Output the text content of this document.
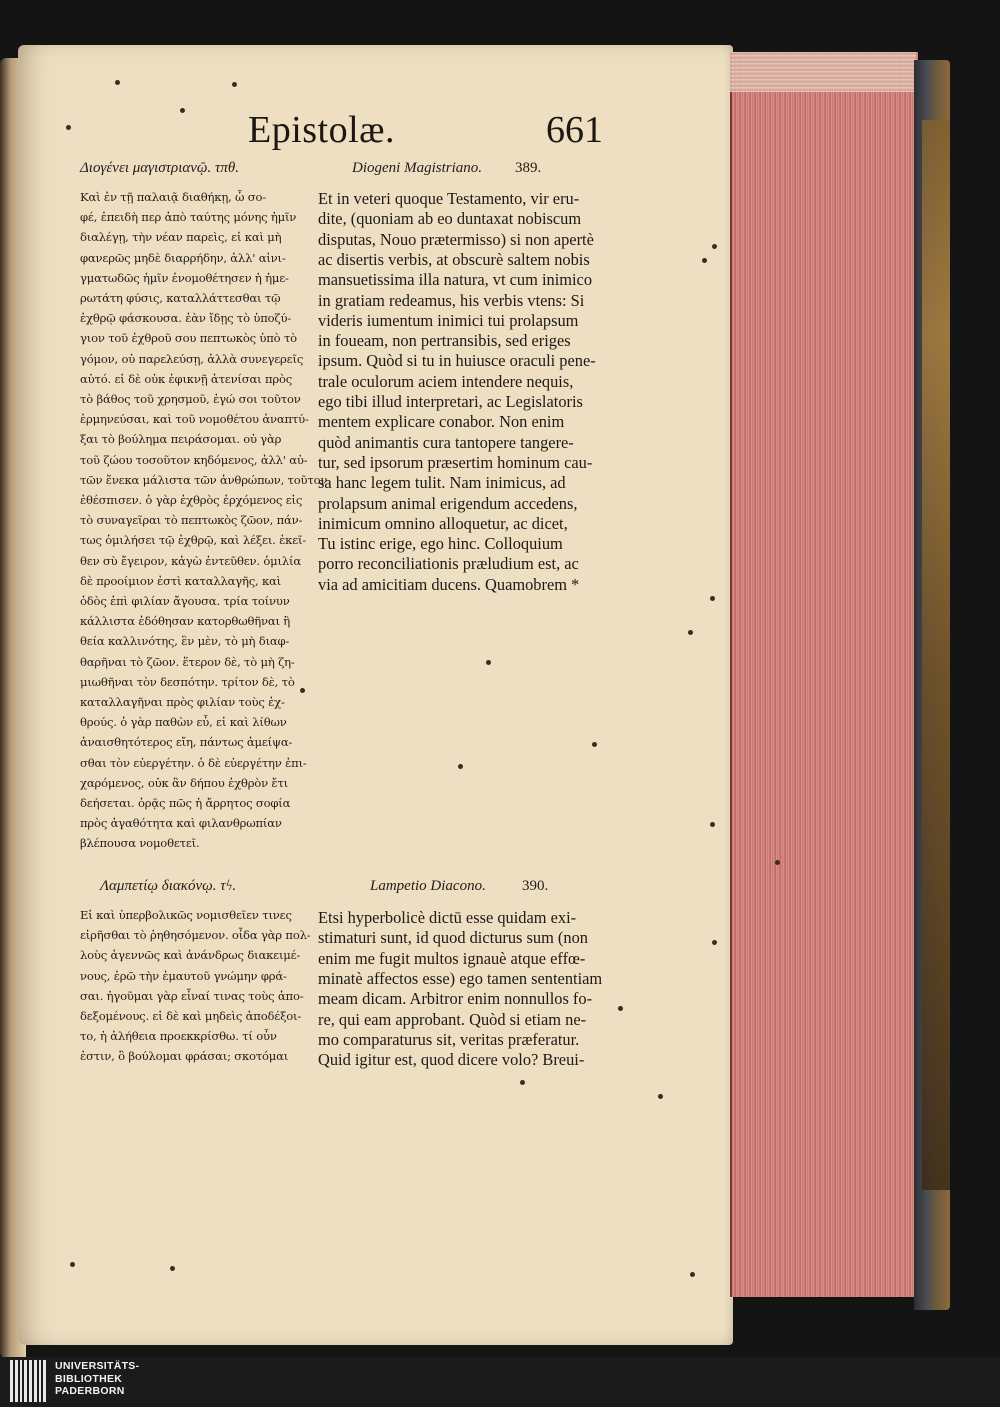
Epistolæ.	661
Διογένει μαγιστριανῷ. τπθ.	Diogeni Magistriano. 389.
Καὶ ἐν τῇ παλαιᾷ διαθήκῃ, ὦ σο-
φέ, ἐπειδὴ περ ἀπὸ ταύτης μόνης ἡμῖν
διαλέγῃ, τὴν νέαν παρεὶς, εἰ καὶ μὴ
φανερῶς μηδὲ διαρρήδην, ἀλλ' αἰνι-
γματωδῶς ἡμῖν ἐνομοθέτησεν ἡ ἡμε-
ρωτάτη φύσις, καταλλάττεσθαι τῷ
ἐχθρῷ φάσκουσα. ἐὰν ἴδῃς τὸ ὑποζύ-
γιον τοῦ ἐχθροῦ σου πεπτωκὸς ὑπὸ τὸ
γόμον, οὐ παρελεύσῃ, ἀλλὰ συνεγερεῖς
αὐτό. εἰ δὲ οὐκ ἐφικνῇ ἀτενίσαι πρὸς
τὸ βάθος τοῦ χρησμοῦ, ἐγώ σοι τοῦτον
ἑρμηνεύσαι, καὶ τοῦ νομοθέτου ἀναπτύ-
ξαι τὸ βούλημα πειράσομαι. οὐ γὰρ
τοῦ ζώου τοσοῦτον κηδόμενος, ἀλλ' αὐ-
τῶν ἕνεκα μάλιστα τῶν ἀνθρώπων, τοῦτον
ἐθέσπισεν. ὁ γὰρ ἐχθρὸς ἐρχόμενος εἰς
τὸ συναγεῖραι τὸ πεπτωκὸς ζῶον, πάν-
τως ὁμιλήσει τῷ ἐχθρῷ, καὶ λέξει. ἐκεῖ-
θεν σὺ ἔγειρον, κἀγὼ ἐντεῦθεν. ὁμιλία
δὲ προοίμιον ἐστὶ καταλλαγῆς, καὶ
ὁδὸς ἐπὶ φιλίαν ἄγουσα. τρία τοίνυν
κάλλιστα ἐδόθησαν κατορθωθῆναι ἢ
θεία καλλινότης, ἓν μὲν, τὸ μὴ διαφ-
θαρῆναι τὸ ζῶον. ἕτερον δὲ, τὸ μὴ ζη-
μιωθῆναι τὸν δεσπότην. τρίτον δὲ, τὸ
καταλλαγῆναι πρὸς φιλίαν τοὺς ἐχ-
θρούς. ὁ γὰρ παθὼν εὖ, εἰ καὶ λίθων
ἀναισθητότερος εἴη, πάντως ἀμείψα-
σθαι τὸν εὐεργέτην. ὁ δὲ εὐεργέτην ἐπι-
χαρόμενος, οὐκ ἂν δήπου ἐχθρὸν ἔτι
δεήσεται. ὁρᾷς πῶς ἡ ἄρρητος σοφία
πρὸς ἀγαθότητα καὶ φιλανθρωπίαν
βλέπουσα νομοθετεῖ.
Et in veteri quoque Testamento, vir eru-
dite, (quoniam ab eo duntaxat nobiscum
disputas, Nouo prætermisso) si non apertè
ac disertis verbis, at obscurè saltem nobis
mansuetissima illa natura, vt cum inimico
in gratiam redeamus, his verbis vtens: Si
videris iumentum inimici tui prolapsum
in foueam, non pertransibis, sed eriges
ipsum. Quòd si tu in huiusce oraculi pene-
trale oculorum aciem intendere nequis,
ego tibi illud interpretari, ac Legislatoris
mentem explicare conabor. Non enim
quòd animantis cura tantopere tangere-
tur, sed ipsorum præsertim hominum cau-
sa hanc legem tulit. Nam inimicus, ad
prolapsum animal erigendum accedens,
inimicum omnino alloquetur, ac dicet,
Tu istinc erige, ego hinc. Colloquium
porro reconciliationis præludium est, ac
via ad amicitiam ducens. Quamobrem *
Λαμπετίῳ διακόνῳ. τϟ.	Lampetio Diacono. 390.
Εἰ καὶ ὑπερβολικῶς νομισθεῖεν τινες
εἰρῆσθαι τὸ ῥηθησόμενον. οἶδα γὰρ πολ-
λοὺς ἀγεννῶς καὶ ἀνάνδρως διακειμέ-
νους, ἐρῶ τὴν ἐμαυτοῦ γνώμην φρά-
σαι. ἡγοῦμαι γὰρ εἶναί τινας τοὺς ἀπο-
δεξομένους. εἰ δὲ καὶ μηδεὶς ἀποδέξοι-
το, ἡ ἀλήθεια προεκκρίσθω. τί οὖν
ἐστιν, ὃ βούλομαι φράσαι; σκοτόμαι
Etsi hyperbolicè dictū esse quidam exi-
stimaturi sunt, id quod dicturus sum (non
enim me fugit multos ignauè atque effœ-
minatè affectos esse) ego tamen sententiam
meam dicam. Arbitror enim nonnullos fo-
re, qui eam approbant. Quòd si etiam ne-
mo comparaturus sit, veritas præferatur.
Quid igitur est, quod dicere volo? Breui-
UNIVERSITÄTS-
BIBLIOTHEK
PADERBORN
